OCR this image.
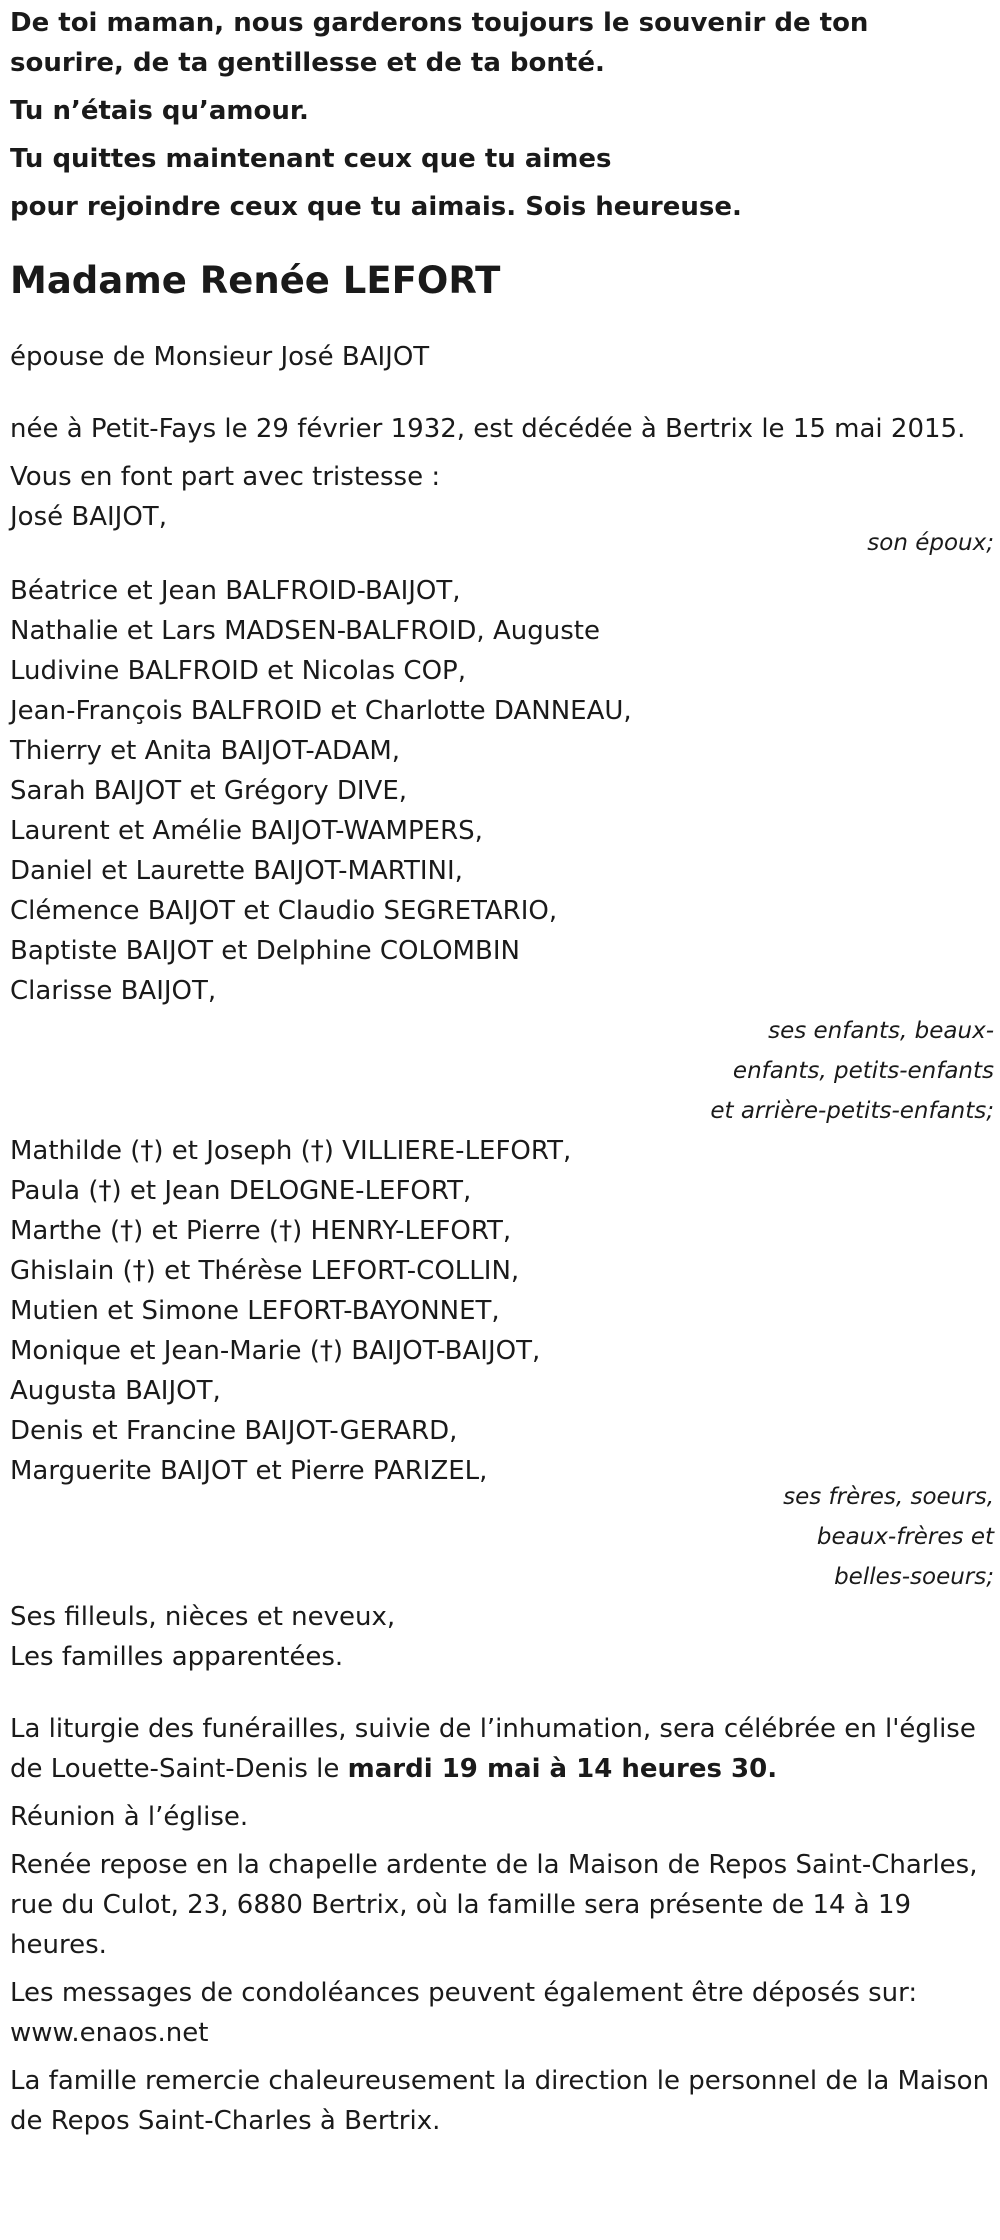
De toi maman, nous garderons toujours le souvenir de ton sourire, de ta gentillesse et de ta bonté.

Tu n’étais qu’amour.

Tu quittes maintenant ceux que tu aimes

pour rejoindre ceux que tu aimais. Sois heureuse.

Madame Renée LEFORT
épouse de Monsieur José BAIJOT
née à Petit-Fays le 29 février 1932, est décédée à Bertrix le 15 mai 2015.
Vous en font part avec tristesse :
José BAIJOT,
son époux;
Béatrice et Jean BALFROID-BAIJOT,
Nathalie et Lars MADSEN-BALFROID, Auguste
Ludivine BALFROID et Nicolas COP,
Jean-François BALFROID et Charlotte DANNEAU,
Thierry et Anita BAIJOT-ADAM,
Sarah BAIJOT et Grégory DIVE,
Laurent et Amélie BAIJOT-WAMPERS,
Daniel et Laurette BAIJOT-MARTINI,
Clémence BAIJOT et Claudio SEGRETARIO,
Baptiste BAIJOT et Delphine COLOMBIN
Clarisse BAIJOT,
ses enfants, beaux-enfants, petits-enfants
et arrière-petits-enfants;
Mathilde (†) et Joseph (†) VILLIERE-LEFORT,
Paula (†) et Jean DELOGNE-LEFORT,
Marthe (†) et Pierre (†) HENRY-LEFORT,
Ghislain (†) et Thérèse LEFORT-COLLIN,
Mutien et Simone LEFORT-BAYONNET,
Monique et Jean-Marie (†) BAIJOT-BAIJOT,
Augusta BAIJOT,
Denis et Francine BAIJOT-GERARD,
Marguerite BAIJOT et Pierre PARIZEL,
ses frères, soeurs, beaux-frères et belles-soeurs;
Ses filleuls, nièces et neveux,
Les familles apparentées.
La liturgie des funérailles, suivie de l’inhumation, sera célébrée en l'église de Louette-Saint-Denis le mardi 19 mai à 14 heures 30.
Réunion à l’église.
Renée repose en la chapelle ardente de la Maison de Repos Saint-Charles, rue du Culot, 23, 6880 Bertrix, où la famille sera présente de 14 à 19 heures.
Les messages de condoléances peuvent également être déposés sur: www.enaos.net
La famille remercie chaleureusement la direction le personnel de la Maison de Repos Saint-Charles à Bertrix.
